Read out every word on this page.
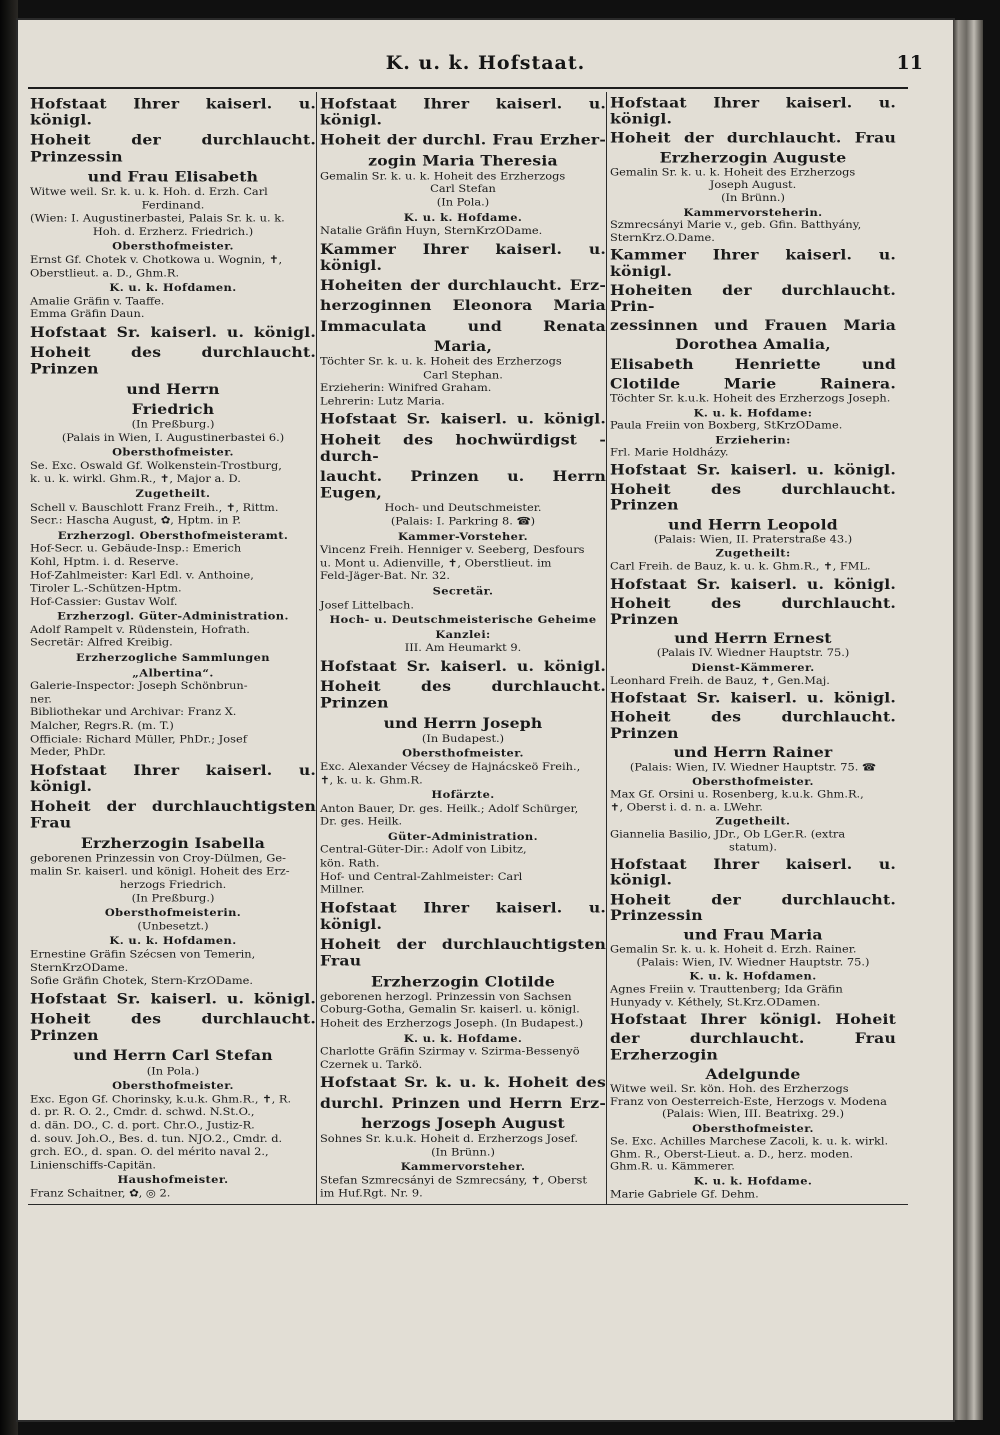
K. u. k. Hofstaat.	11
Hofstaat Ihrer kaiserl. u. königl.
Hoheit der durchlaucht. Prinzessin
und Frau Elisabeth
Witwe weil. Sr. k. u. k. Hoh. d. Erzh. Carl
Ferdinand.
(Wien: I. Augustinerbastei, Palais Sr. k. u. k.
Hoh. d. Erzherz. Friedrich.)
Obersthofmeister.
Ernst Gf. Chotek v. Chotkowa u. Wognin, ✝,
Oberstlieut. a. D., Ghm.R.
K. u. k. Hofdamen.
Amalie Gräfin v. Taaffe.
Emma Gräfin Daun.
Hofstaat Sr. kaiserl. u. königl.
Hoheit des durchlaucht. Prinzen
und Herrn
Friedrich
(In Preßburg.)
(Palais in Wien, I. Augustinerbastei 6.)
Obersthofmeister.
Se. Exc. Oswald Gf. Wolkenstein-Trostburg,
k. u. k. wirkl. Ghm.R., ✝, Major a. D.
Zugetheilt.
Schell v. Bauschlott Franz Freih., ✝, Rittm.
Secr.: Hascha August, ✿, Hptm. in P.
Erzherzogl. Obersthofmeisteramt.
Hof-Secr. u. Gebäude-Insp.: Emerich
Kohl, Hptm. i. d. Reserve.
Hof-Zahlmeister: Karl Edl. v. Anthoine,
Tiroler L.-Schützen-Hptm.
Hof-Cassier: Gustav Wolf.
Erzherzogl. Güter-Administration.
Adolf Rampelt v. Rüdenstein, Hofrath.
Secretär: Alfred Kreibig.
Erzherzogliche Sammlungen
„Albertina“.
Galerie-Inspector: Joseph Schönbrun-
ner.
Bibliothekar und Archivar: Franz X.
Malcher, Regrs.R. (m. T.)
Officiale: Richard Müller, PhDr.; Josef
Meder, PhDr.
Hofstaat Ihrer kaiserl. u. königl.
Hoheit der durchlauchtigsten Frau
Erzherzogin Isabella
geborenen Prinzessin von Croy-Dülmen, Ge-
malin Sr. kaiserl. und königl. Hoheit des Erz-
herzogs Friedrich.
(In Preßburg.)
Obersthofmeisterin.
(Unbesetzt.)
K. u. k. Hofdamen.
Ernestine Gräfin Szécsen von Temerin,
SternKrzODame.
Sofie Gräfin Chotek, Stern-KrzODame.
Hofstaat Sr. kaiserl. u. königl.
Hoheit des durchlaucht. Prinzen
und Herrn Carl Stefan
(In Pola.)
Obersthofmeister.
Exc. Egon Gf. Chorinsky, k.u.k. Ghm.R., ✝, R.
d. pr. R. O. 2., Cmdr. d. schwd. N.St.O.,
d. dän. DO., C. d. port. Chr.O., Justiz-R.
d. souv. Joh.O., Bes. d. tun. NJO.2., Cmdr. d.
grch. EO., d. span. O. del mérito naval 2.,
Linienschiffs-Capitän.
Haushofmeister.
Franz Schaitner, ✿, ◎ 2.
Hofstaat Ihrer kaiserl. u. königl.
Hoheit der durchl. Frau Erzher-
zogin Maria Theresia
Gemalin Sr. k. u. k. Hoheit des Erzherzogs
Carl Stefan
(In Pola.)
K. u. k. Hofdame.
Natalie Gräfin Huyn, SternKrzODame.
Kammer Ihrer kaiserl. u. königl.
Hoheiten der durchlaucht. Erz-
herzoginnen Eleonora Maria
Immaculata und Renata
Maria,
Töchter Sr. k. u. k. Hoheit des Erzherzogs
Carl Stephan.
Erzieherin: Winifred Graham.
Lehrerin: Lutz Maria.
Hofstaat Sr. kaiserl. u. königl.
Hoheit des hochwürdigst - durch-
laucht. Prinzen u. Herrn Eugen,
Hoch- und Deutschmeister.
(Palais: I. Parkring 8. ☎)
Kammer-Vorsteher.
Vincenz Freih. Henniger v. Seeberg, Desfours
u. Mont u. Adienville, ✝, Oberstlieut. im
Feld-Jäger-Bat. Nr. 32.
Secretär.
Josef Littelbach.
Hoch- u. Deutschmeisterische Geheime
Kanzlei:
III. Am Heumarkt 9.
Hofstaat Sr. kaiserl. u. königl.
Hoheit des durchlaucht. Prinzen
und Herrn Joseph
(In Budapest.)
Obersthofmeister.
Exc. Alexander Vécsey de Hajnácskeö Freih.,
✝, k. u. k. Ghm.R.
Hofärzte.
Anton Bauer, Dr. ges. Heilk.; Adolf Schürger,
Dr. ges. Heilk.
Güter-Administration.
Central-Güter-Dir.: Adolf von Libitz,
kön. Rath.
Hof- und Central-Zahlmeister: Carl
Millner.
Hofstaat Ihrer kaiserl. u. königl.
Hoheit der durchlauchtigsten Frau
Erzherzogin Clotilde
geborenen herzogl. Prinzessin von Sachsen
Coburg-Gotha, Gemalin Sr. kaiserl. u. königl.
Hoheit des Erzherzogs Joseph. (In Budapest.)
K. u. k. Hofdame.
Charlotte Gräfin Szirmay v. Szirma-Bessenyö
Czernek u. Tarkö.
Hofstaat Sr. k. u. k. Hoheit des
durchl. Prinzen und Herrn Erz-
herzogs Joseph August
Sohnes Sr. k.u.k. Hoheit d. Erzherzogs Josef.
(In Brünn.)
Kammervorsteher.
Stefan Szmrecsányi de Szmrecsány, ✝, Oberst
im Huf.Rgt. Nr. 9.
Hofstaat Ihrer kaiserl. u. königl.
Hoheit der durchlaucht. Frau
Erzherzogin Auguste
Gemalin Sr. k. u. k. Hoheit des Erzherzogs
Joseph August.
(In Brünn.)
Kammervorsteherin.
Szmrecsányi Marie v., geb. Gfin. Batthyány,
SternKrz.O.Dame.
Kammer Ihrer kaiserl. u. königl.
Hoheiten der durchlaucht. Prin-
zessinnen und Frauen Maria
Dorothea Amalia,
Elisabeth Henriette und
Clotilde Marie Rainera.
Töchter Sr. k.u.k. Hoheit des Erzherzogs Joseph.
K. u. k. Hofdame:
Paula Freiin von Boxberg, StKrzODame.
Erzieherin:
Frl. Marie Holdházy.
Hofstaat Sr. kaiserl. u. königl.
Hoheit des durchlaucht. Prinzen
und Herrn Leopold
(Palais: Wien, II. Praterstraße 43.)
Zugetheilt:
Carl Freih. de Bauz, k. u. k. Ghm.R., ✝, FML.
Hofstaat Sr. kaiserl. u. königl.
Hoheit des durchlaucht. Prinzen
und Herrn Ernest
(Palais IV. Wiedner Hauptstr. 75.)
Dienst-Kämmerer.
Leonhard Freih. de Bauz, ✝, Gen.Maj.
Hofstaat Sr. kaiserl. u. königl.
Hoheit des durchlaucht. Prinzen
und Herrn Rainer
(Palais: Wien, IV. Wiedner Hauptstr. 75. ☎
Obersthofmeister.
Max Gf. Orsini u. Rosenberg, k.u.k. Ghm.R.,
✝, Oberst i. d. n. a. LWehr.
Zugetheilt.
Giannelia Basilio, JDr., Ob LGer.R. (extra
statum).
Hofstaat Ihrer kaiserl. u. königl.
Hoheit der durchlaucht. Prinzessin
und Frau Maria
Gemalin Sr. k. u. k. Hoheit d. Erzh. Rainer.
(Palais: Wien, IV. Wiedner Hauptstr. 75.)
K. u. k. Hofdamen.
Agnes Freiin v. Trauttenberg; Ida Gräfin
Hunyady v. Kéthely, St.Krz.ODamen.
Hofstaat Ihrer königl. Hoheit
der durchlaucht. Frau Erzherzogin
Adelgunde
Witwe weil. Sr. kön. Hoh. des Erzherzogs
Franz von Oesterreich-Este, Herzogs v. Modena
(Palais: Wien, III. Beatrixg. 29.)
Obersthofmeister.
Se. Exc. Achilles Marchese Zacoli, k. u. k. wirkl.
Ghm. R., Oberst-Lieut. a. D., herz. moden.
Ghm.R. u. Kämmerer.
K. u. k. Hofdame.
Marie Gabriele Gf. Dehm.
